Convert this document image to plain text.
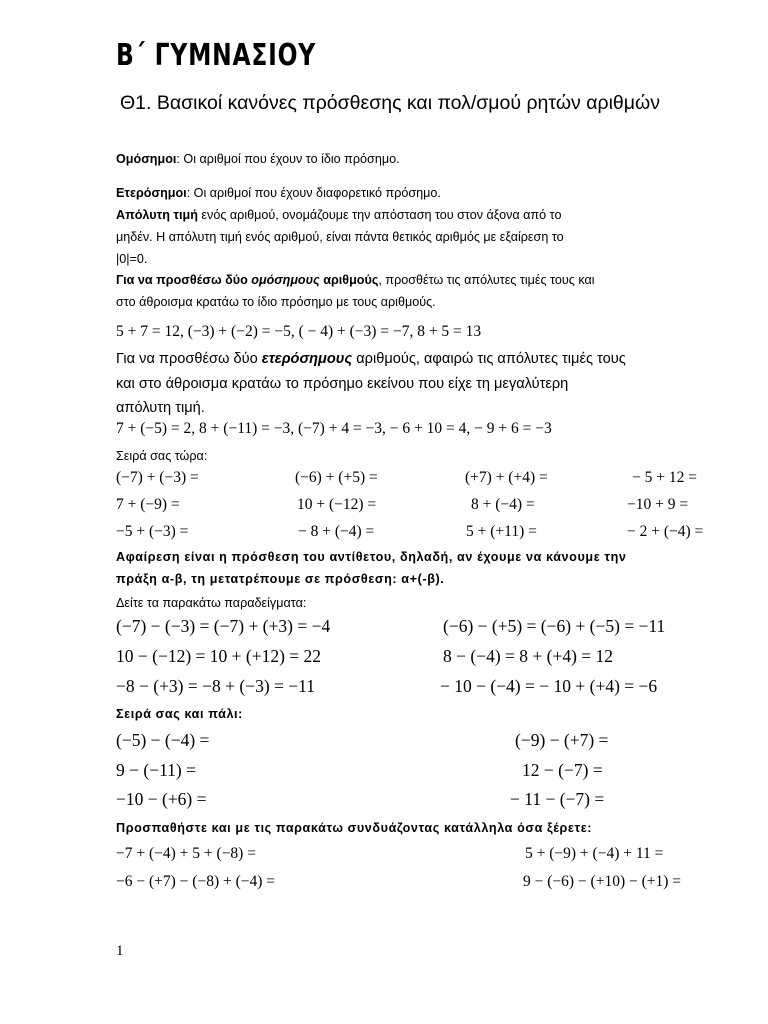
Β΄ ΓΥΜΝΑΣΙΟΥ
Θ1. Βασικοί κανόνες πρόσθεσης και πολ/σμού ρητών αριθμών
Ομόσημοι: Οι αριθμοί που έχουν το ίδιο πρόσημο.
Ετερόσημοι: Οι αριθμοί που έχουν διαφορετικό πρόσημο.
Απόλυτη τιμή ενός αριθμού, ονομάζουμε την απόσταση του στον άξονα από το
μηδέν. Η απόλυτη τιμή ενός αριθμού, είναι πάντα θετικός αριθμός με εξαίρεση το
|0|=0.
Για να προσθέσω δύο ομόσημους αριθμούς, προσθέτω τις απόλυτες τιμές τους και
στο άθροισμα κρατάω το ίδιο πρόσημο με τους αριθμούς.
5 + 7 = 12, (−3) + (−2) = −5, ( − 4) + (−3) = −7, 8 + 5 = 13
Για να προσθέσω δύο ετερόσημους αριθμούς, αφαιρώ τις απόλυτες τιμές τους
και στο άθροισμα κρατάω το πρόσημο εκείνου που είχε τη μεγαλύτερη
απόλυτη τιμή.
7 + (−5) = 2, 8 + (−11) = −3, (−7) + 4 = −3, − 6 + 10 = 4, − 9 + 6 = −3
Σειρά σας τώρα:
(−7) + (−3) =	(−6) + (+5) =	(+7) + (+4) =	− 5 + 12 =
7 + (−9) =	10 + (−12) =	8 + (−4) =	−10 + 9 =
−5 + (−3) =	− 8 + (−4) =	5 + (+11) =	− 2 + (−4) =
Αφαίρεση είναι η πρόσθεση του αντίθετου, δηλαδή, αν έχουμε να κάνουμε την
πράξη α-β, τη μετατρέπουμε σε πρόσθεση: α+(-β).
Δείτε τα παρακάτω παραδείγματα:
(−7) − (−3) = (−7) + (+3) = −4	(−6) − (+5) = (−6) + (−5) = −11
10 − (−12) = 10 + (+12) = 22	8 − (−4) = 8 + (+4) = 12
−8 − (+3) = −8 + (−3) = −11	− 10 − (−4) = − 10 + (+4) = −6
Σειρά σας και πάλι:
(−5) − (−4) =	(−9) − (+7) =
9 − (−11) =	12 − (−7) =
−10 − (+6) =	− 11 − (−7) =
Προσπαθήστε και με τις παρακάτω συνδυάζοντας κατάλληλα όσα ξέρετε:
−7 + (−4) + 5 + (−8) =	5 + (−9) + (−4) + 11 =
−6 − (+7) − (−8) + (−4) =	9 − (−6) − (+10) − (+1) =
1
